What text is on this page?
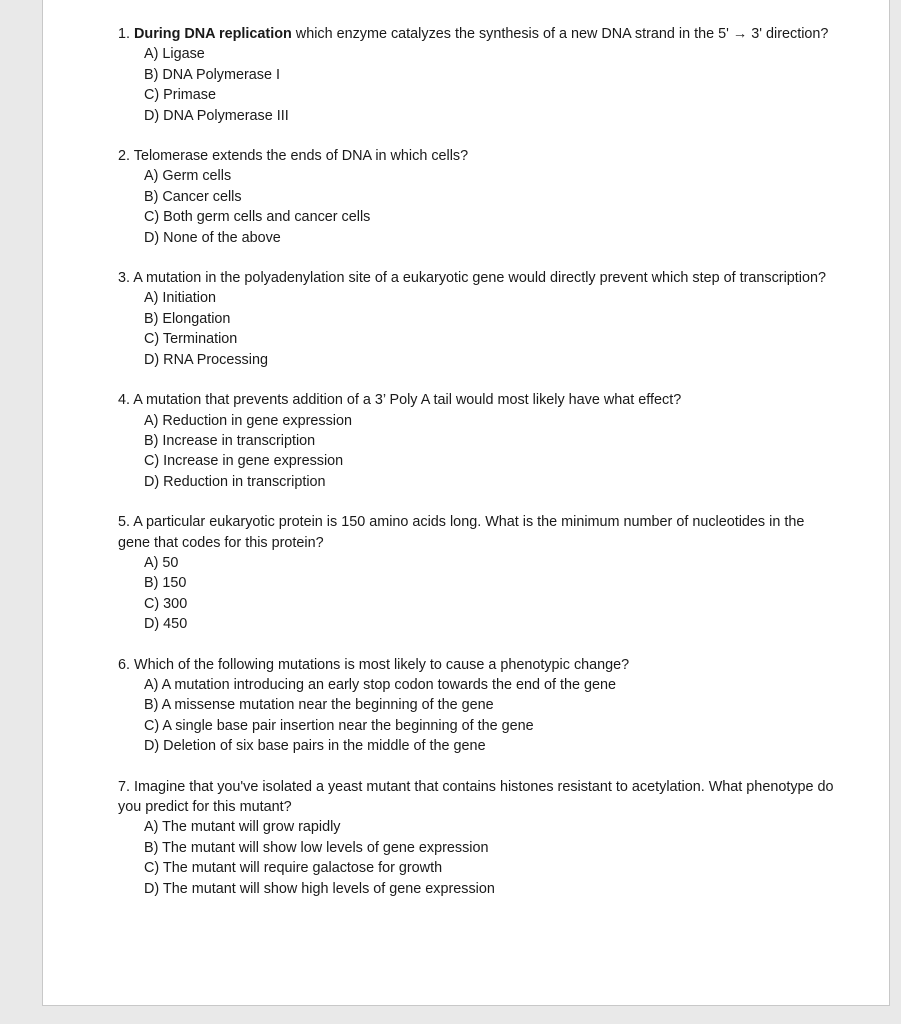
1. During DNA replication which enzyme catalyzes the synthesis of a new DNA strand in the 5' → 3' direction?

A) Ligase
B) DNA Polymerase I
C) Primase
D) DNA Polymerase III

2. Telomerase extends the ends of DNA in which cells?

A) Germ cells
B) Cancer cells
C) Both germ cells and cancer cells
D) None of the above

3. A mutation in the polyadenylation site of a eukaryotic gene would directly prevent which step of transcription?

A) Initiation
B) Elongation
C) Termination
D) RNA Processing

4. A mutation that prevents addition of a 3’ Poly A tail would most likely have what effect?

A) Reduction in gene expression
B) Increase in transcription
C) Increase in gene expression
D) Reduction in transcription

5. A particular eukaryotic protein is 150 amino acids long. What is the minimum number of nucleotides in the gene that codes for this protein?

A) 50
B) 150
C) 300
D) 450

6. Which of the following mutations is most likely to cause a phenotypic change?

A) A mutation introducing an early stop codon towards the end of the gene
B) A missense mutation near the beginning of the gene
C) A single base pair insertion near the beginning of the gene
D) Deletion of six base pairs in the middle of the gene

7. Imagine that you've isolated a yeast mutant that contains histones resistant to acetylation. What phenotype do you predict for this mutant?

A) The mutant will grow rapidly
B) The mutant will show low levels of gene expression
C) The mutant will require galactose for growth
D) The mutant will show high levels of gene expression
